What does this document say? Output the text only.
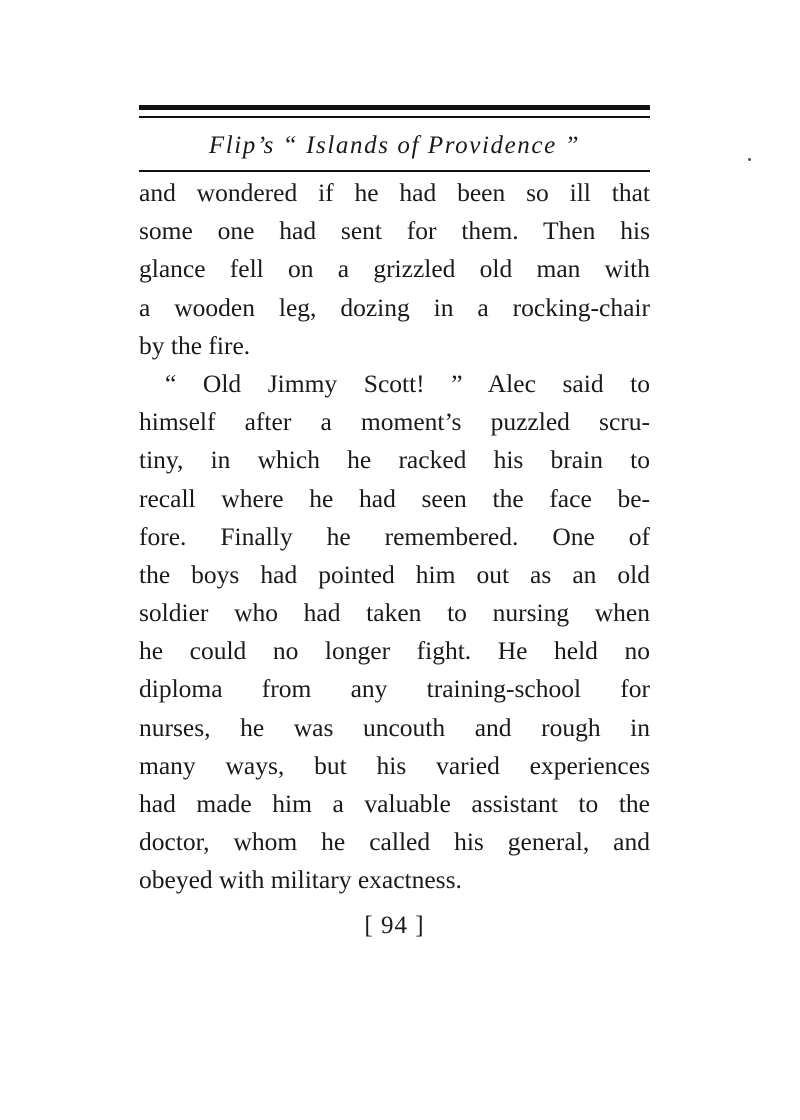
Flip’s “ Islands of Providence ”
and wondered if he had been so ill that
some one had sent for them. Then his
glance fell on a grizzled old man with
a wooden leg, dozing in a rocking-chair
by the fire.
“ Old Jimmy Scott! ” Alec said to
himself after a moment’s puzzled scru-
tiny, in which he racked his brain to
recall where he had seen the face be-
fore. Finally he remembered. One of
the boys had pointed him out as an old
soldier who had taken to nursing when
he could no longer fight. He held no
diploma from any training-school for
nurses, he was uncouth and rough in
many ways, but his varied experiences
had made him a valuable assistant to the
doctor, whom he called his general, and
obeyed with military exactness.
[ 94 ]
